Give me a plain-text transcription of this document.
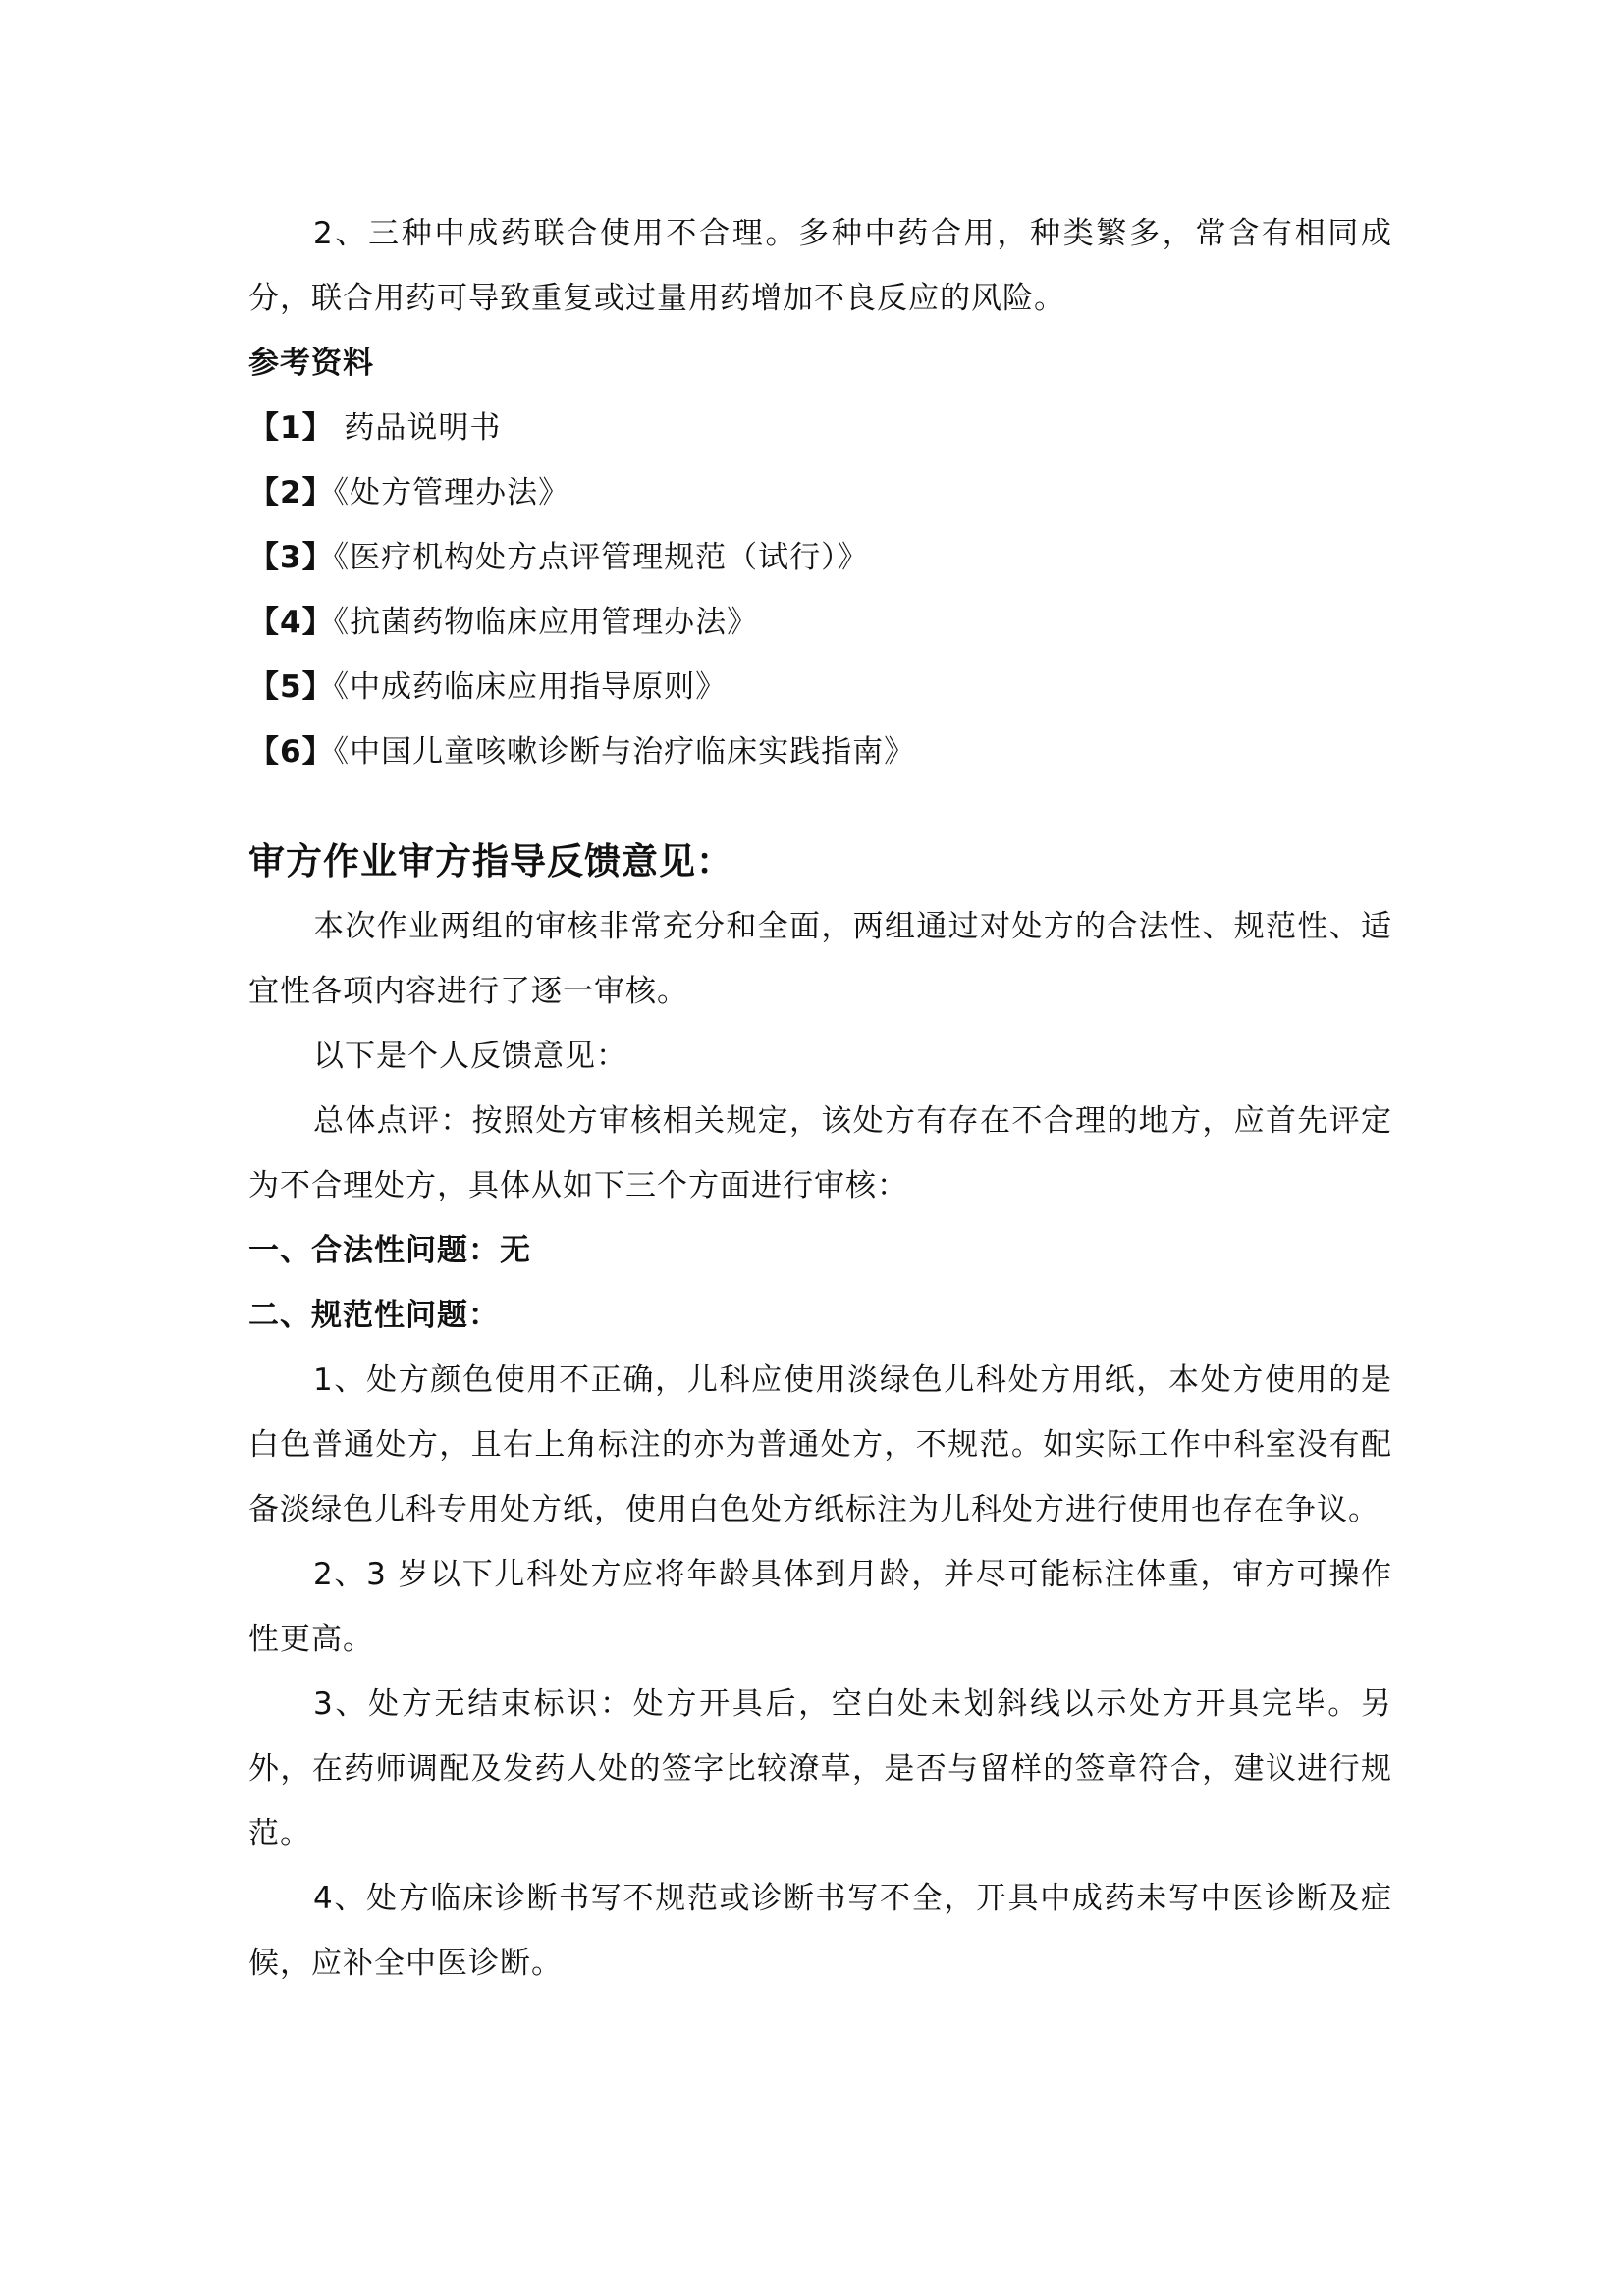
2、三种中成药联合使用不合理。多种中药合用，种类繁多，常含有相同成分，联合用药可导致重复或过量用药增加不良反应的风险。

参考资料

【1】 药品说明书
【2】《处方管理办法》
【3】《医疗机构处方点评管理规范（试行）》
【4】《抗菌药物临床应用管理办法》
【5】《中成药临床应用指导原则》
【6】《中国儿童咳嗽诊断与治疗临床实践指南》
审方作业审方指导反馈意见：

本次作业两组的审核非常充分和全面，两组通过对处方的合法性、规范性、适宜性各项内容进行了逐一审核。

以下是个人反馈意见：

总体点评：按照处方审核相关规定，该处方有存在不合理的地方，应首先评定为不合理处方，具体从如下三个方面进行审核：

一、合法性问题：无

二、规范性问题：

1、处方颜色使用不正确，儿科应使用淡绿色儿科处方用纸，本处方使用的是白色普通处方，且右上角标注的亦为普通处方，不规范。如实际工作中科室没有配备淡绿色儿科专用处方纸，使用白色处方纸标注为儿科处方进行使用也存在争议。

2、3 岁以下儿科处方应将年龄具体到月龄，并尽可能标注体重，审方可操作性更高。

3、处方无结束标识：处方开具后，空白处未划斜线以示处方开具完毕。另外，在药师调配及发药人处的签字比较潦草，是否与留样的签章符合，建议进行规范。

4、处方临床诊断书写不规范或诊断书写不全，开具中成药未写中医诊断及症候，应补全中医诊断。
